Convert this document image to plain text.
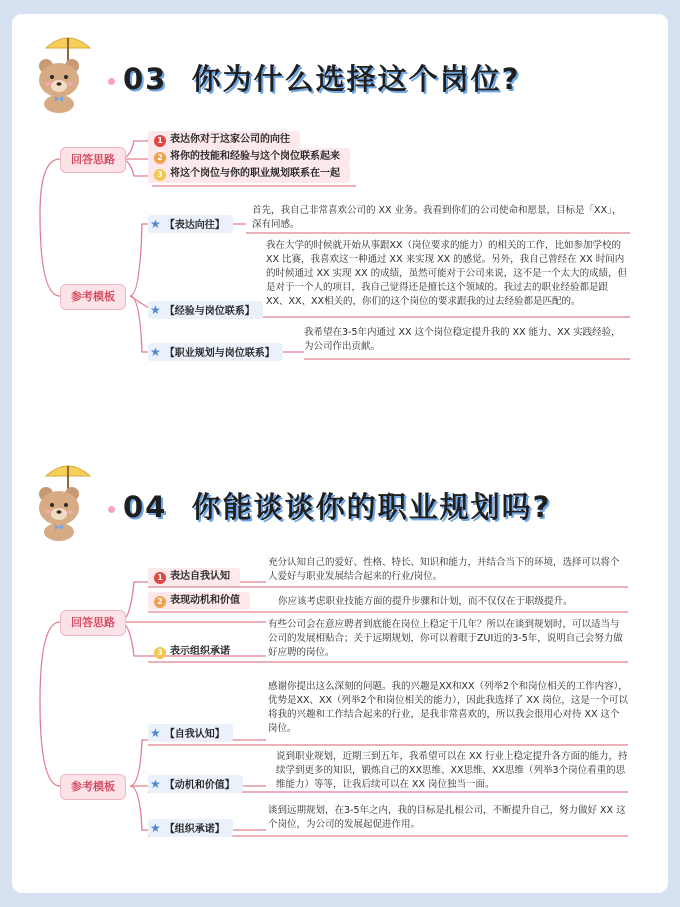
03 你为什么选择这个岗位?
回答思路
1 表达你对于这家公司的向往
2 将你的技能和经验与这个岗位联系起来
3 将这个岗位与你的职业规划联系在一起
参考模板
★ 【表达向往】
首先，我自己非常喜欢公司的 XX 业务。我看到你们的公司使命和愿景，目标是「XX」，深有同感。
★ 【经验与岗位联系】
我在大学的时候就开始从事跟XX（岗位要求的能力）的相关的工作，比如参加学校的 XX 比赛，我喜欢这一种通过 XX 来实现 XX 的感觉。另外，我自己曾经在 XX 时间内的时候通过 XX 实现 XX 的成绩，虽然可能对于公司来说，这不是一个太大的成绩，但是对于一个人的项目，我自己觉得还是擅长这个领域的。我过去的职业经验都是跟 XX、XX、XX相关的，你们的这个岗位的要求跟我的过去经验都是匹配的。
★ 【职业规划与岗位联系】
我希望在3-5年内通过 XX 这个岗位稳定提升我的 XX 能力、XX 实践经验，为公司作出贡献。
04 你能谈谈你的职业规划吗?
回答思路
1 表达自我认知
充分认知自己的爱好、性格、特长、知识和能力，并结合当下的环境，选择可以将个人爱好与职业发展结合起来的行业/岗位。
2 表现动机和价值	你应该考虑职业技能方面的提升步骤和计划，而不仅仅在于职级提升。
3 表示组织承诺
有些公司会在意应聘者到底能在岗位上稳定干几年？所以在谈到规划时，可以适当与公司的发展相贴合；关于远期规划，你可以着眼于ZUI近的3-5年，说明自己会努力做好应聘的岗位。
参考模板
★ 【自我认知】
感谢你提出这么深刻的问题。我的兴趣是XX和XX（列举2个和岗位相关的工作内容），优势是XX、XX（列举2个和岗位相关的能力），因此我选择了 XX 岗位，这是一个可以将我的兴趣和工作结合起来的行业，是我非常喜欢的，所以我会很用心对待 XX 这个岗位。
★ 【动机和价值】
说到职业规划，近期三到五年，我希望可以在 XX 行业上稳定提升各方面的能力，持续学到更多的知识，锻炼自己的XX思维、XX思维、XX思维（列举3个岗位看重的思维能力）等等，让我后续可以在 XX 岗位独当一面。
★ 【组织承诺】
谈到远期规划，在3-5年之内，我的目标是扎根公司，不断提升自己，努力做好 XX 这个岗位，为公司的发展起促进作用。
